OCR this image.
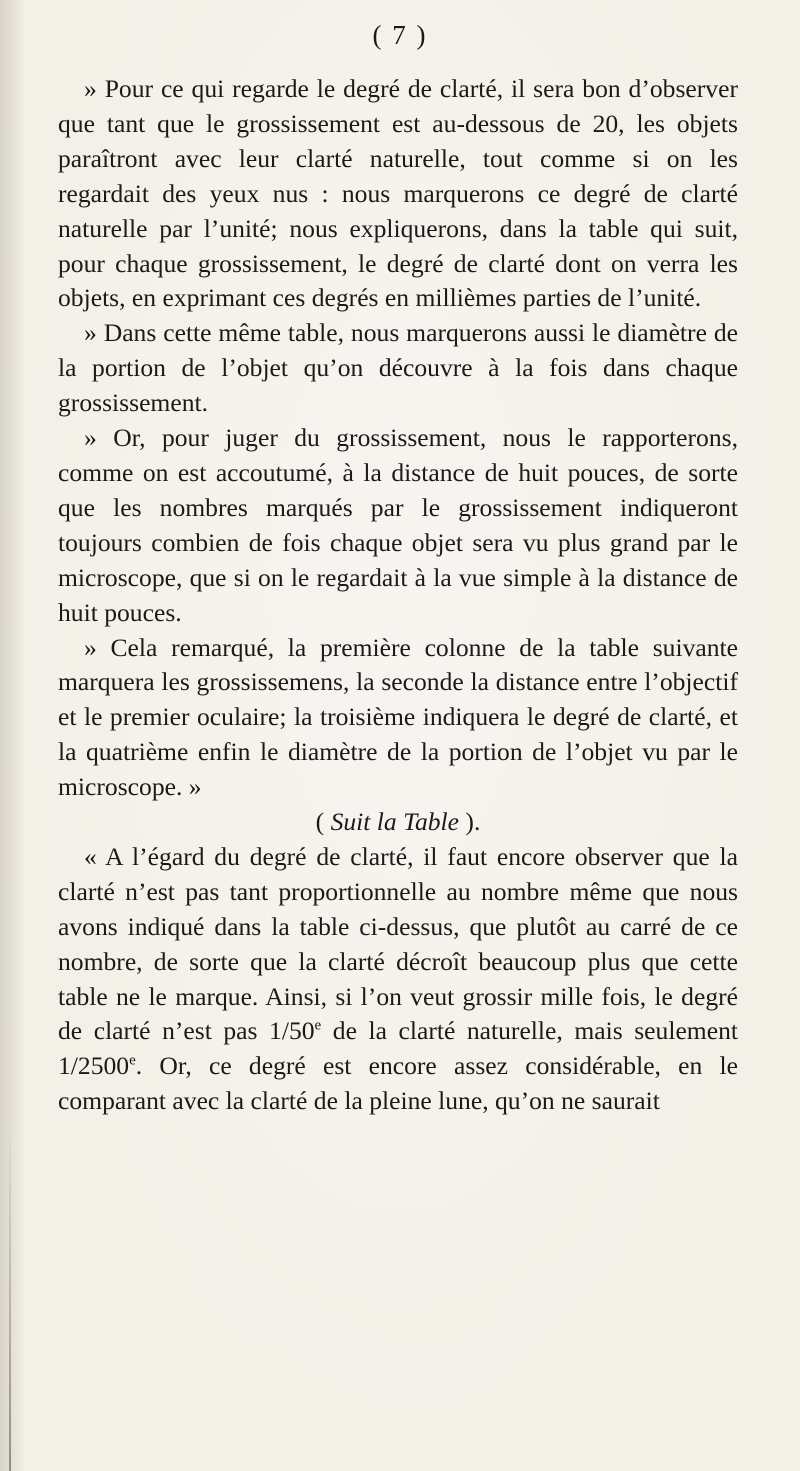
( 7 )

» Pour ce qui regarde le degré de clarté, il sera bon d’observer que tant que le grossissement est au-dessous de 20, les objets paraîtront avec leur clarté naturelle, tout comme si on les regardait des yeux nus : nous marquerons ce degré de clarté naturelle par l’unité; nous expliquerons, dans la table qui suit, pour chaque grossissement, le degré de clarté dont on verra les objets, en exprimant ces degrés en millièmes parties de l’unité.

» Dans cette même table, nous marquerons aussi le diamètre de la portion de l’objet qu’on découvre à la fois dans chaque grossissement.

» Or, pour juger du grossissement, nous le rapporterons, comme on est accoutumé, à la distance de huit pouces, de sorte que les nombres marqués par le grossissement indiqueront toujours combien de fois chaque objet sera vu plus grand par le microscope, que si on le regardait à la vue simple à la distance de huit pouces.

» Cela remarqué, la première colonne de la table suivante marquera les grossissemens, la seconde la distance entre l’objectif et le premier oculaire; la troisième indiquera le degré de clarté, et la quatrième enfin le diamètre de la portion de l’objet vu par le microscope. »

( Suit la Table ).

« A l’égard du degré de clarté, il faut encore observer que la clarté n’est pas tant proportionnelle au nombre même que nous avons indiqué dans la table ci-dessus, que plutôt au carré de ce nombre, de sorte que la clarté décroît beaucoup plus que cette table ne le marque. Ainsi, si l’on veut grossir mille fois, le degré de clarté n’est pas 1/50e de la clarté naturelle, mais seulement 1/2500e. Or, ce degré est encore assez considérable, en le comparant avec la clarté de la pleine lune, qu’on ne saurait
